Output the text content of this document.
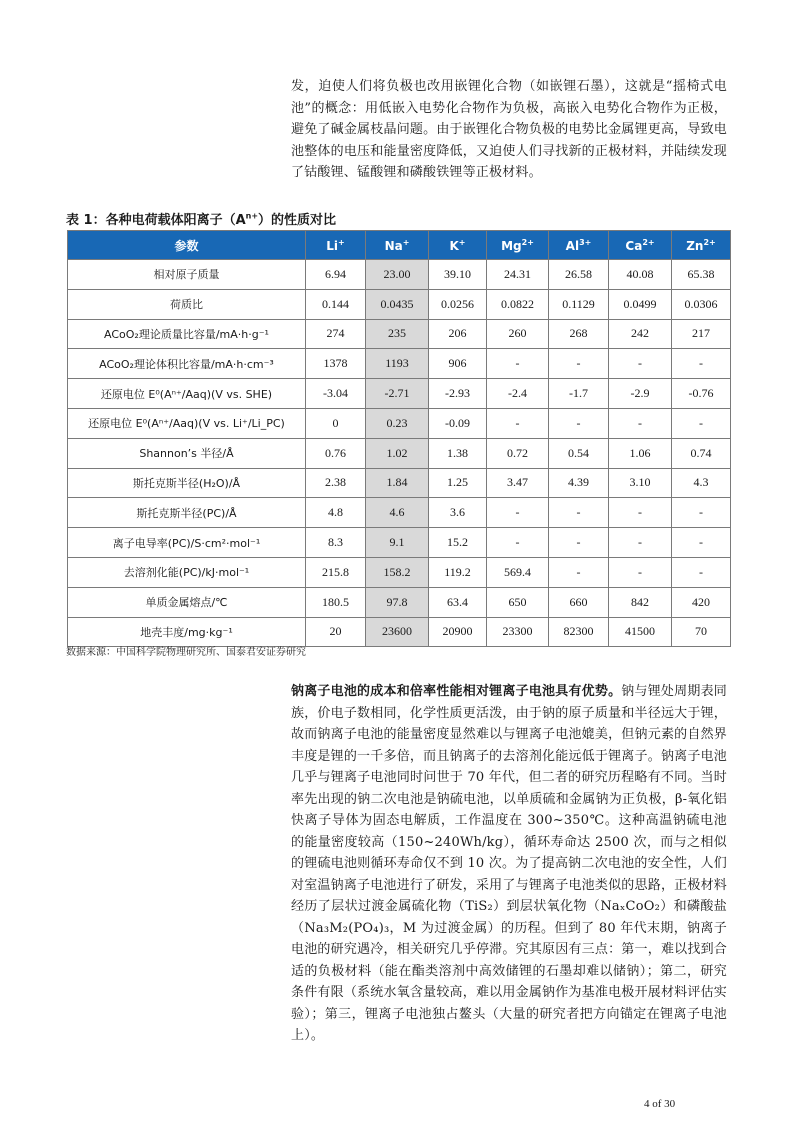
发，迫使人们将负极也改用嵌锂化合物（如嵌锂石墨），这就是“摇椅式电池”的概念：用低嵌入电势化合物作为负极，高嵌入电势化合物作为正极，避免了碱金属枝晶问题。由于嵌锂化合物负极的电势比金属锂更高，导致电池整体的电压和能量密度降低，又迫使人们寻找新的正极材料，并陆续发现了钴酸锂、锰酸锂和磷酸铁锂等正极材料。

表 1：各种电荷载体阳离子$(A^{n+})$的性质对比
参数	Li+	Na+	K+	$Mg^{2+}$	$Al^{3+}$	$Ca^{2+}$	$Zn^{2+}$
相对原子质量	6.94	23.00	39.10	24.31	26.58	40.08	65.38
荷质比	0.144	0.0435	0.0256	0.0822	0.1129	0.0499	0.0306
ACoO₂理论质量比容量/mA·h·g⁻¹	274	235	206	260	268	242	217
ACoO₂理论体积比容量/mA·h·cm⁻³	1378	1193	906	-	-	-	-
还原电位 E⁰(Aⁿ⁺/Aaq)(V vs. SHE)	-3.04	-2.71	-2.93	-2.4	-1.7	-2.9	-0.76
还原电位 E⁰(Aⁿ⁺/Aaq)(V vs. Li⁺/Li_PC)	0	0.23	-0.09	-	-	-	-
Shannon’s 半径/Å	0.76	1.02	1.38	0.72	0.54	1.06	0.74
斯托克斯半径(H₂O)/Å	2.38	1.84	1.25	3.47	4.39	3.10	4.3
斯托克斯半径(PC)/Å	4.8	4.6	3.6	-	-	-	-
离子电导率(PC)/S·cm²·mol⁻¹	8.3	9.1	15.2	-	-	-	-
去溶剂化能(PC)/kJ·mol⁻¹	215.8	158.2	119.2	569.4	-	-	-
单质金属熔点/℃	180.5	97.8	63.4	650	660	842	420
地壳丰度/mg·kg⁻¹	20	23600	20900	23300	82300	41500	70
数据来源：中国科学院物理研究所、国泰君安证券研究

钠离子电池的成本和倍率性能相对锂离子电池具有优势。钠与锂处周期表同族，价电子数相同，化学性质更活泼，由于钠的原子质量和半径远大于锂，故而钠离子电池的能量密度显然难以与锂离子电池媲美，但钠元素的自然界丰度是锂的一千多倍，而且钠离子的去溶剂化能远低于锂离子。钠离子电池几乎与锂离子电池同时问世于 70 年代，但二者的研究历程略有不同。当时率先出现的钠二次电池是钠硫电池，以单质硫和金属钠为正负极，β-氧化铝快离子导体为固态电解质，工作温度在 300~350℃。这种高温钠硫电池的能量密度较高（150~240Wh/kg），循环寿命达 2500 次，而与之相似的锂硫电池则循环寿命仅不到 10 次。为了提高钠二次电池的安全性，人们对室温钠离子电池进行了研发，采用了与锂离子电池类似的思路，正极材料经历了层状过渡金属硫化物（TiS₂）到层状氧化物（NaₓCoO₂）和磷酸盐（Na₃M₂(PO₄)₃，M 为过渡金属）的历程。但到了 80 年代末期，钠离子电池的研究遇冷，相关研究几乎停滞。究其原因有三点：第一，难以找到合适的负极材料（能在酯类溶剂中高效储锂的石墨却难以储钠）；第二，研究条件有限（系统水氧含量较高，难以用金属钠作为基准电极开展材料评估实验）；第三，锂离子电池独占鳌头（大量的研究者把方向锚定在锂离子电池上）。

4 of 30
